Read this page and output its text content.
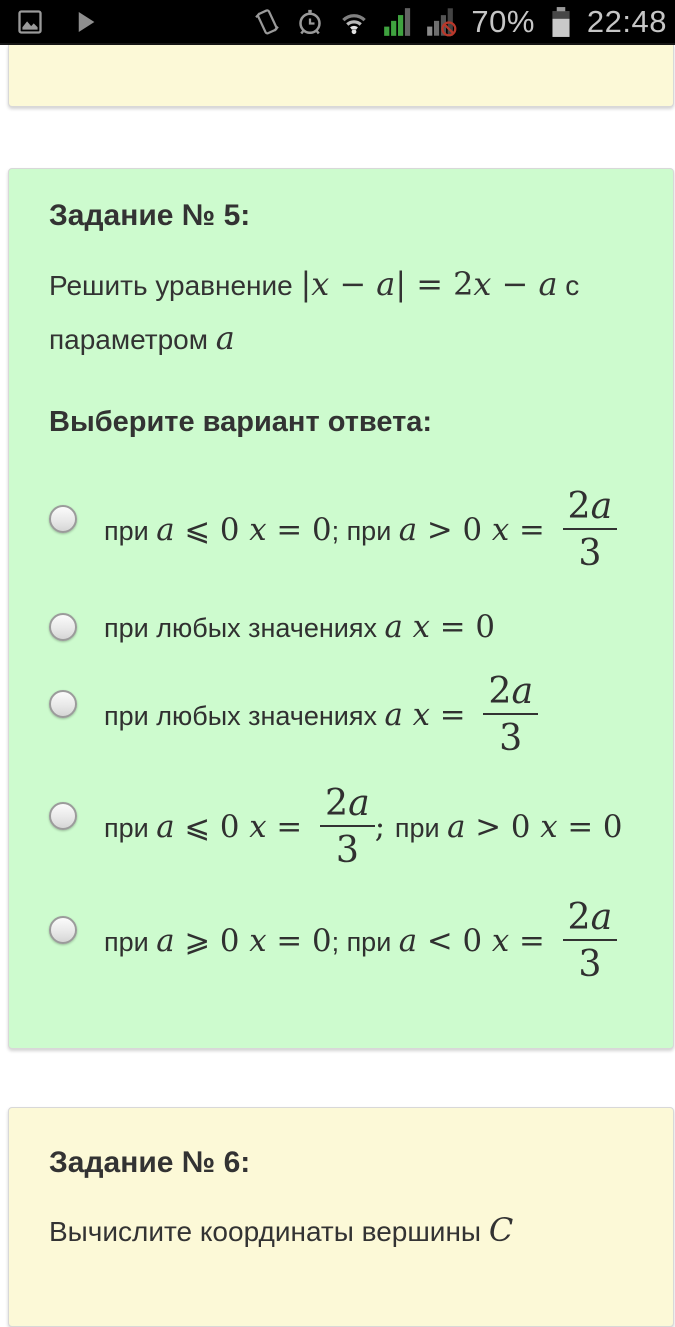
70% 22:48
Задание № 5:

Решить уравнение |x − a| = 2x − a с
параметром a

Выберите вариант ответа:
при a ⩽ 0 x = 0; при a > 0 $x = \frac{2a}{3}$
при любых значениях a x = 0
при любых значениях a $x = \frac{2a}{3}$
при a ⩽ 0 $x = \frac{2a}{3}$ ; при a > 0 x = 0
при a ⩾ 0 x = 0; при a < 0 $x = \frac{2a}{3}$
Задание № 6:

Вычислите координаты вершины C
